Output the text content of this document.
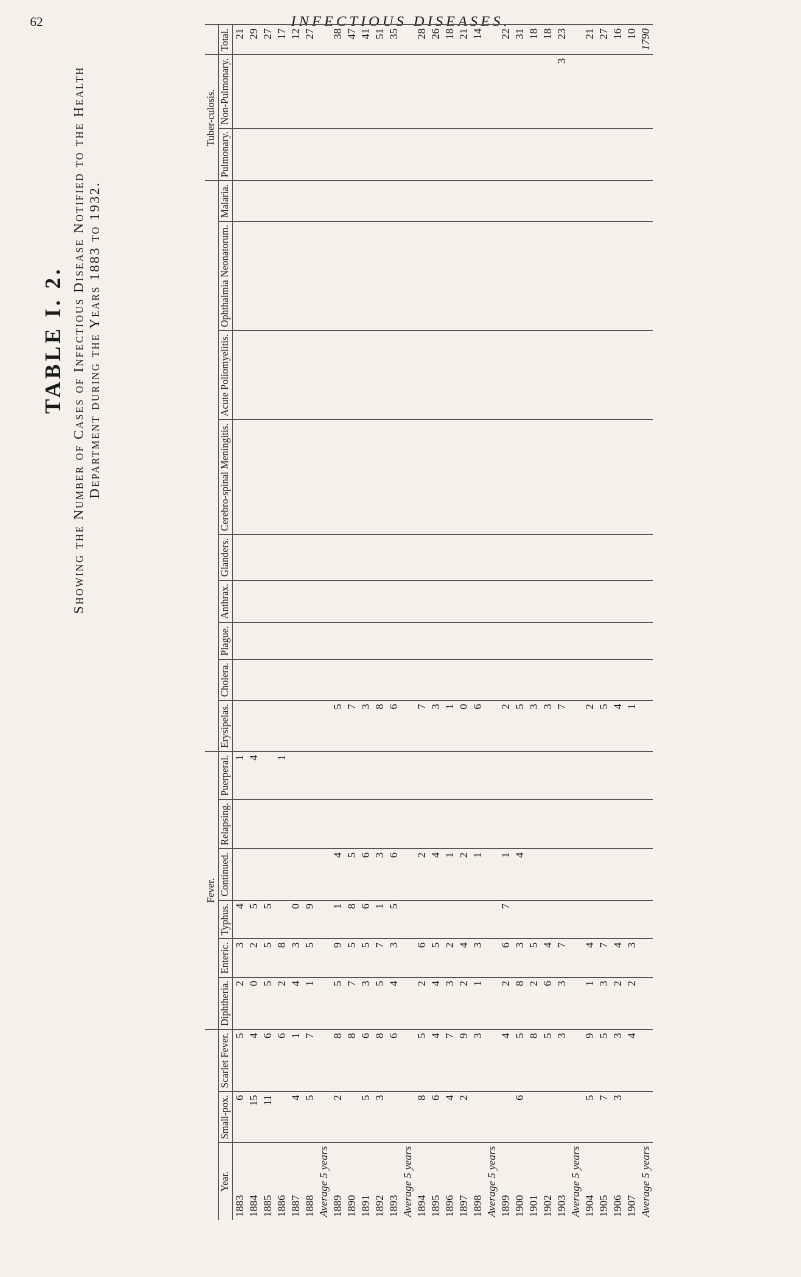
62	INFECTIOUS DISEASES.
TABLE I. 2. Showing the Number of Cases of Infectious Disease Notified to the Health Department during the Years 1883 to 1932.
			Fever.															Tuber-culosis.		
Year.	Small-pox.	Scarlet Fever.	Diphtheria.	Enteric.	Typhus.	Continued.	Relapsing.	Puerperal.	Erysipelas.	Cholera.	Plague.	Anthrax.	Glanders.	Cerebro-spinal Meningitis.	Acute Poliomyelitis.	Ophthalmia Neonatorum.	Malaria.	Pulmonary.	Non-Pulmonary.	Total.
1883	6	5	2	3	4			1												21
1884	15	4	0	2	5			4												29
1885	11	6	5	5	5															27
1886		6	2	8				1												17
1887	4	1	4	3	0															12
1888	5	7	1	5	9															27
Average 5 years																				
1889	2	8	5	9	1	4			5											38
1890		8	7	5	8	5			7											47
1891	5	6	3	5	6	6			3											41
1892	3	8	5	7	1	3			8											51
1893		6	4	3	5	6			6											35
Average 5 years																				
1894	8	5	2	6		2			7											28
1895	6	4	4	5		4			3											26
1896	4	7	3	2		1			1											18
1897	2	9	2	4		2			0											21
1898		3	1	3		1			6											14
Average 5 years																				
1899		4	2	6	7	1			2											22
1900	6	5	8	3		4			5											31
1901		8	2	5					3											18
1902		5	6	4					3											18
1903		3	3	7					7										3	23
Average 5 years																				
1904	5	9	1	4					2											21
1905	7	5	3	7					5											27
1906	3	3	2	4					4											16
1907		4	2	3					1											10
Average 5 years																				1790
